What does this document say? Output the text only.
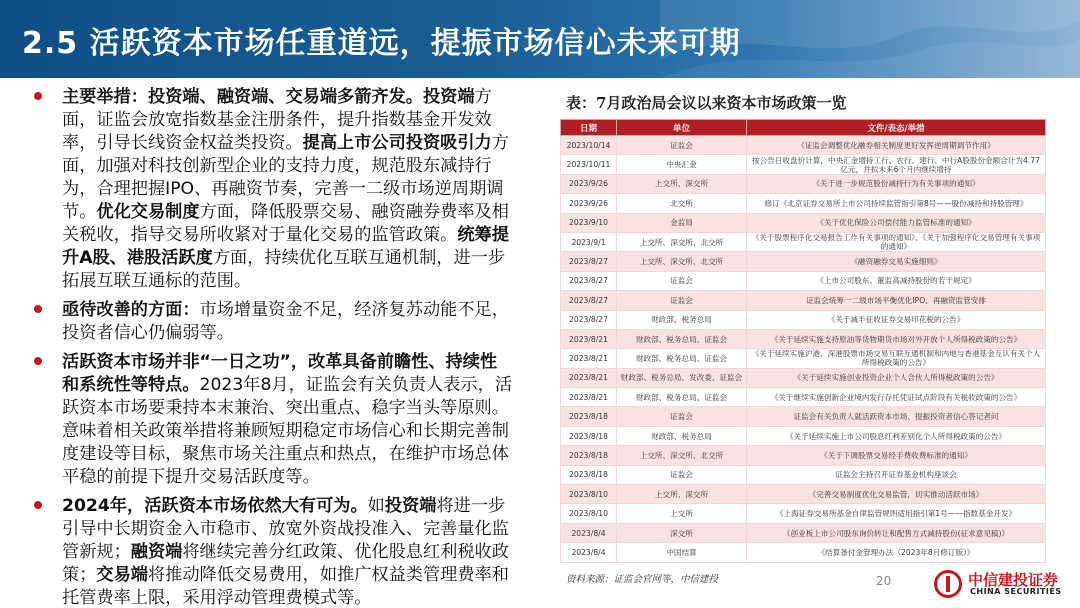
2.5 活跃资本市场任重道远，提振市场信心未来可期
主要举措：投资端、融资端、交易端多箭齐发。投资端方面，证监会放宽指数基金注册条件，提升指数基金开发效率，引导长线资金权益类投资。提高上市公司投资吸引力方面，加强对科技创新型企业的支持力度，规范股东减持行为，合理把握IPO、再融资节奏，完善一二级市场逆周期调节。优化交易制度方面，降低股票交易、融资融券费率及相关税收，指导交易所收紧对于量化交易的监管政策。统筹提升A股、港股活跃度方面，持续优化互联互通机制，进一步拓展互联互通标的范围。
亟待改善的方面：市场增量资金不足，经济复苏动能不足，投资者信心仍偏弱等。
活跃资本市场并非“一日之功”，改革具备前瞻性、持续性和系统性等特点。2023年8月，证监会有关负责人表示，活跃资本市场要秉持本末兼治、突出重点、稳字当头等原则。意味着相关政策举措将兼顾短期稳定市场信心和长期完善制度建设等目标，聚焦市场关注重点和热点，在维护市场总体平稳的前提下提升交易活跃度等。
2024年，活跃资本市场依然大有可为。如投资端将进一步引导中长期资金入市稳市、放宽外资战投准入、完善量化监管新规；融资端将继续完善分红政策、优化股息红利税收政策；交易端将推动降低交易费用，如推广权益类管理费率和托管费率上限，采用浮动管理费模式等。
表：7月政治局会议以来资本市场政策一览
日期	单位	文件/表态/举措
2023/10/14	证监会	《证监会调整优化融券相关制度更好发挥逆周期调节作用》
2023/10/11	中央汇金	按公告日收盘价计算，中央汇金增持工行、农行、建行、中行A股股份金额合计为4.77亿元，并拟未来6个月内继续增持
2023/9/26	上交所、深交所	《关于进一步规范股份减持行为有关事项的通知》
2023/9/26	北交所	修订《北京证券交易所上市公司持续监管指引第8号——股份减持和持股管理》
2023/9/10	金监局	《关于优化保险公司偿付能力监管标准的通知》
2023/9/1	上交所、深交所、北交所	《关于股票程序化交易报告工作有关事项的通知》、《关于加强程序化交易管理有关事项的通知》
2023/8/27	上交所、深交所、北交所	《融资融券交易实施细则》
2023/8/27	证监会	《上市公司股东、董监高减持股份的若干规定》
2023/8/27	证监会	证监会统筹一二级市场平衡优化IPO、再融资监管安排
2023/8/27	财政部、税务总局	《关于减半征收证券交易印花税的公告》
2023/8/21	财政部、税务总局、证监会	《关于延续实施支持原油等货物期货市场对外开放个人所得税政策的公告》
2023/8/21	财政部、税务总局、证监会	《关于延续实施沪港、深港股票市场交易互联互通机制和内地与香港基金互认有关个人所得税政策的公告》
2023/8/21	财政部、税务总局、发改委、证监会	《关于延续实施创业投资企业个人合伙人所得税政策的公告》
2023/8/21	财政部、税务总局、证监会	《关于继续实施创新企业境内发行存托凭证试点阶段有关税收政策的公告》
2023/8/18	证监会	证监会有关负责人就活跃资本市场、提振投资者信心答记者问
2023/8/18	财政部、税务总局	《关于延续实施上市公司股息红利差别化个人所得税政策的公告》
2023/8/18	上交所、深交所、北交所	《关于下调股票交易经手费收费标准的通知》
2023/8/18	证监会	证监会主持召开证券基金机构座谈会
2023/8/10	上交所、深交所	《完善交易制度优化交易监管，切实推动活跃市场》
2023/8/10	上交所	《上海证券交易所基金自律监管规则适用指引第1号——指数基金开发》
2023/8/4	深交所	《创业板上市公司股东询价转让和配售方式减持股份(征求意见稿)》
2023/8/4	中国结算	《结算备付金管理办法（2023年8月修订版）》
资料来源：证监会官网等，中信建投	20	中信建投证券
CHINA SECURITIES
